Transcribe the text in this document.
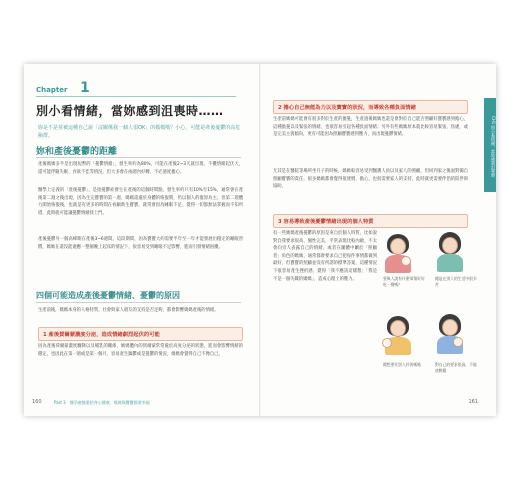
Chapter 1
別小看情緒，當妳感到沮喪時……
妳是不是常被這種自己說「沒關係我一個人很OK」的媽媽嗎？小心，可能是產後憂鬱的高危險群。
妳和產後憂鬱的距離
產後媽媽多半是出現短暫的「憂鬱情緒」，發生率約為80%，可能在產後2~3天就出現，不擾情緒起伏大，還可能伴隨失眠、食欲不佳等情況，但大多會在兩週內好轉，不必過度擔心。
醫學上定義的「產後憂鬱」，是指憂鬱症發生在產後的這個時間點，發生率約只有10%至15%，通常會在產後第二週之後出現，因為生完寶寶的第一週，媽媽還處於身體的恢復期，仍以個人的復原為主；但第二週體力開始恢復後，也就是有更多的時間在看顧新生寶寶，就常會因為睡眠不足、覺得一切都無法掌握而不知所措，此時就可能讓憂鬱情緒找上門。
產後憂鬱另一個高峰期在產後3~6週間，這段期間，因為寶寶大約需要半年至一年才能發展出穩定的睡眠習慣，媽媽在還沒能適應一整個晚上起床的情況下，很容易受到睡眠不足影響，進而引發情緒困擾。
四個可能造成產後憂鬱情緒、憂鬱的原因
生產前後，媽媽本身的人格特質、社會與家人朋友的支持是否足夠，都會影響媽媽產後的情緒。
1 產後賀爾蒙濃度分泌，造成情緒劇烈起伏的可能
因為產後荷爾蒙濃度驟降以及哺乳的關係，媽媽體內的賀爾蒙常常處於高度分泌的狀態，進而會影響情緒的穩定，也因此在第一週或是第一個月，容易產生躁鬱或是憂鬱的情況，媽媽會覺得自己不像自己。
160	Part 3　懷孕產後重拾身心健康，媽媽與寶寶都要幸福
CH1 別小看情緒，當妳感到沮喪時
2 擔心自己無能為力以及寶寶的狀況，而導致各種負面情緒
生產前媽媽可能會有很多對於生產的擔憂，生產過後媽媽也還是會對於自己能否照顧好寶寶感到擔心，這種擔憂以及緊張的情緒，也很容易引起各種負面情緒；另外有些媽媽原本就比較容易緊張、焦慮，或是完美主義傾向，更有可能因為照顧寶寶感到壓力，而出現憂鬱情緒。
尤其是在醫院等場所坐月子的時候，媽媽較容易受到醫護人員以及家人的照顧，但回到家之後面對獨自照顧寶寶的責任，很多媽媽都會覺得很迷惘、擔心，也很需要家人的支持，此時就更需要伴侶的陪伴與協助。
3 容易導致產後憂鬱情緒出現的個人特質
有一些媽媽產後憂鬱的原因是來自於個人特質，比如說對自我要求很高、個性完美、平常表現比較內斂、不太會向旁人表露自己的情緒、或者在團體中屬於「照顧者」角色的媽媽，通常都會要求自己把每件事情都做到最好，但寶寶的照顧並沒有所謂的標準答案，這種情況下很容易產生挫折感，覺得「我不應該這樣想」「我是不是一個失職的媽媽」，造成心理上的壓力。	要與人說有什麼事情好好吃一餐嗎？
總是在別人的生活中很辛苦
總想要比別人好的媽媽	對自己的要求很高，不能放輕鬆
161
